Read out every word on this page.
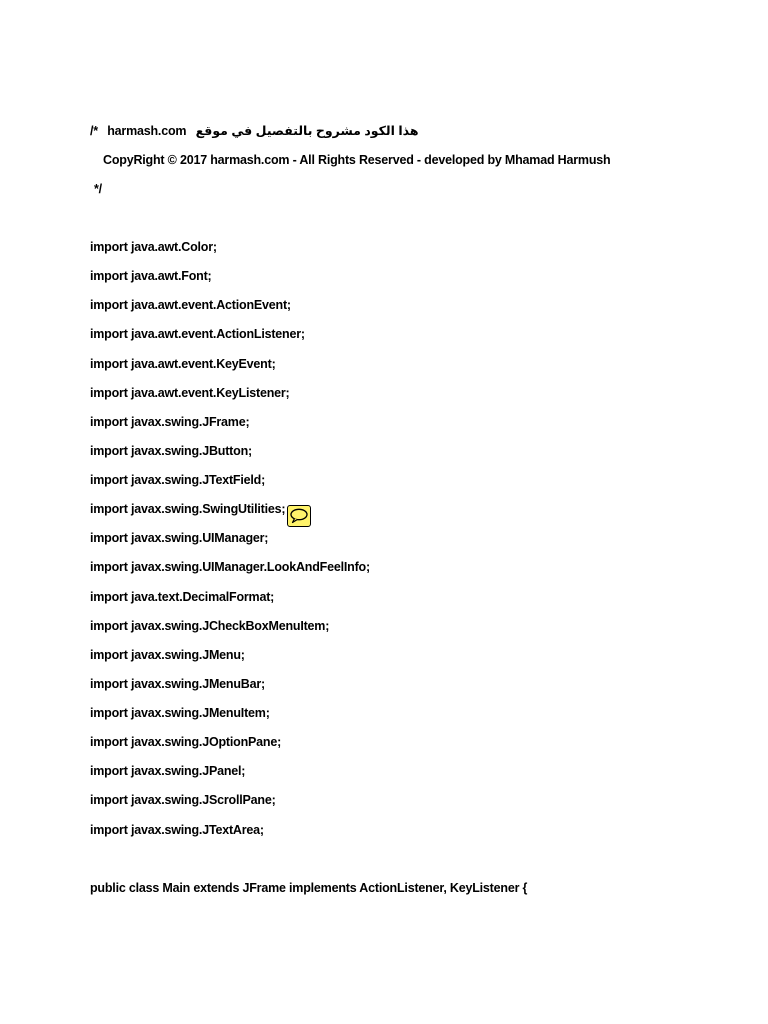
/* harmash.com هذا الكود مشروح بالتفصيل في موقع
CopyRight © 2017 harmash.com - All Rights Reserved - developed by Mhamad Harmush
*/
import java.awt.Color;
import java.awt.Font;
import java.awt.event.ActionEvent;
import java.awt.event.ActionListener;
import java.awt.event.KeyEvent;
import java.awt.event.KeyListener;
import javax.swing.JFrame;
import javax.swing.JButton;
import javax.swing.JTextField;
import javax.swing.SwingUtilities;
import javax.swing.UIManager;
import javax.swing.UIManager.LookAndFeelInfo;
import java.text.DecimalFormat;
import javax.swing.JCheckBoxMenuItem;
import javax.swing.JMenu;
import javax.swing.JMenuBar;
import javax.swing.JMenuItem;
import javax.swing.JOptionPane;
import javax.swing.JPanel;
import javax.swing.JScrollPane;
import javax.swing.JTextArea;
public class Main extends JFrame implements ActionListener, KeyListener {
